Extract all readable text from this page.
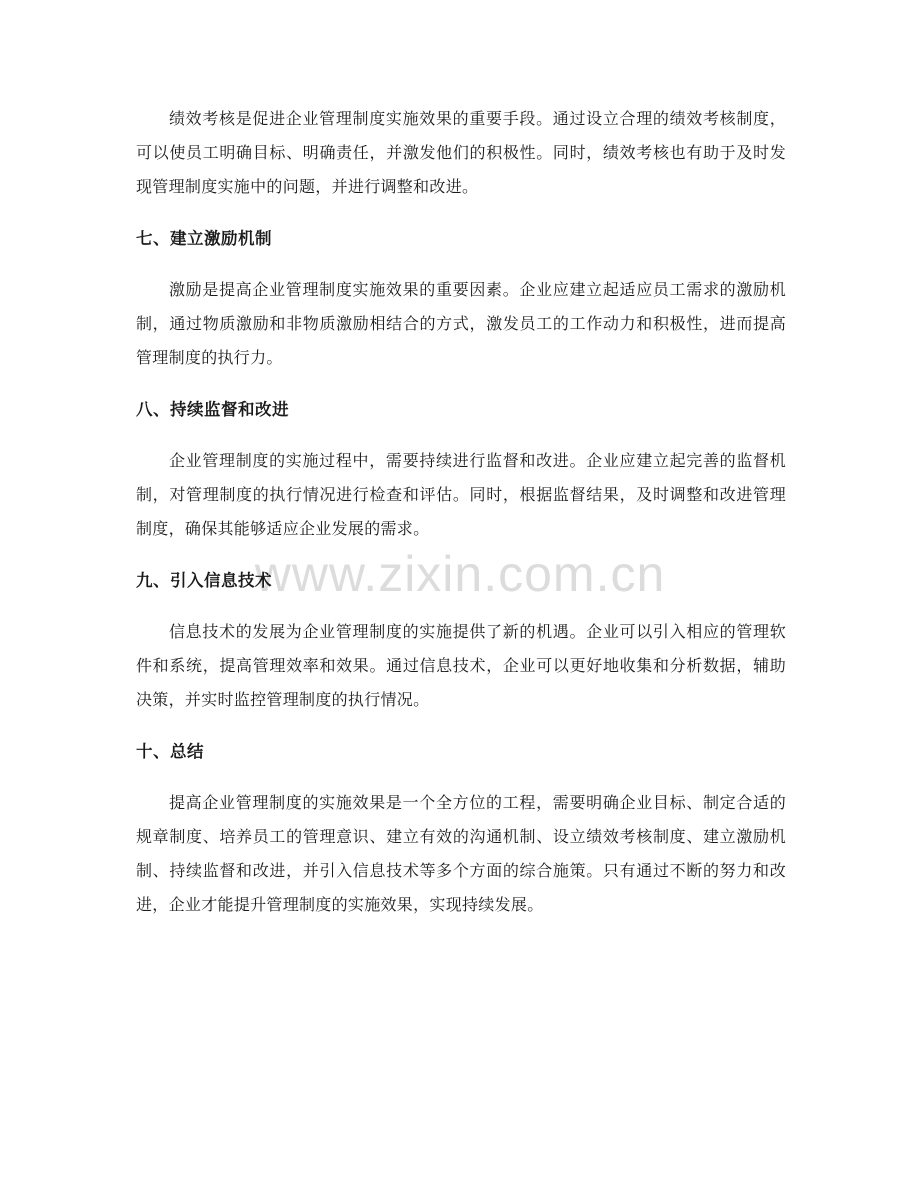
www.zixin.com.cn

绩效考核是促进企业管理制度实施效果的重要手段。通过设立合理的绩效考核制度，可以使员工明确目标、明确责任，并激发他们的积极性。同时，绩效考核也有助于及时发现管理制度实施中的问题，并进行调整和改进。

七、建立激励机制

激励是提高企业管理制度实施效果的重要因素。企业应建立起适应员工需求的激励机制，通过物质激励和非物质激励相结合的方式，激发员工的工作动力和积极性，进而提高管理制度的执行力。

八、持续监督和改进

企业管理制度的实施过程中，需要持续进行监督和改进。企业应建立起完善的监督机制，对管理制度的执行情况进行检查和评估。同时，根据监督结果，及时调整和改进管理制度，确保其能够适应企业发展的需求。

九、引入信息技术

信息技术的发展为企业管理制度的实施提供了新的机遇。企业可以引入相应的管理软件和系统，提高管理效率和效果。通过信息技术，企业可以更好地收集和分析数据，辅助决策，并实时监控管理制度的执行情况。

十、总结

提高企业管理制度的实施效果是一个全方位的工程，需要明确企业目标、制定合适的规章制度、培养员工的管理意识、建立有效的沟通机制、设立绩效考核制度、建立激励机制、持续监督和改进，并引入信息技术等多个方面的综合施策。只有通过不断的努力和改进，企业才能提升管理制度的实施效果，实现持续发展。
